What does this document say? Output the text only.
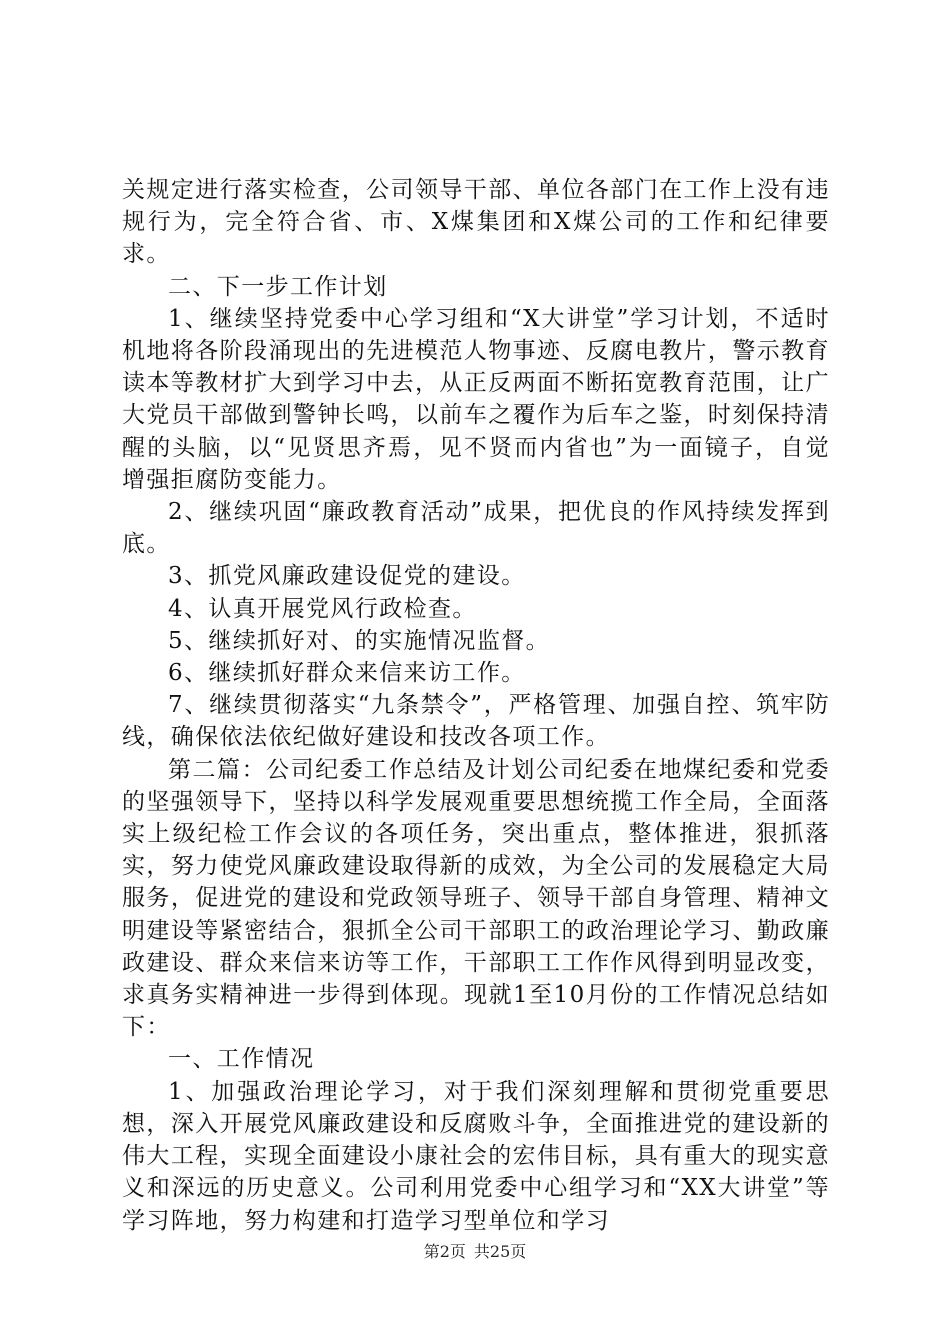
关规定进行落实检查，公司领导干部、单位各部门在工作上没有违规行为，完全符合省、市、X煤集团和X煤公司的工作和纪律要求。

二、下一步工作计划

1、继续坚持党委中心学习组和“X大讲堂”学习计划，不适时机地将各阶段涌现出的先进模范人物事迹、反腐电教片，警示教育读本等教材扩大到学习中去，从正反两面不断拓宽教育范围，让广大党员干部做到警钟长鸣，以前车之覆作为后车之鉴，时刻保持清醒的头脑，以“见贤思齐焉，见不贤而内省也”为一面镜子，自觉增强拒腐防变能力。

2、继续巩固“廉政教育活动”成果，把优良的作风持续发挥到底。

3、抓党风廉政建设促党的建设。

4、认真开展党风行政检查。

5、继续抓好对、的实施情况监督。

6、继续抓好群众来信来访工作。

7、继续贯彻落实“九条禁令”，严格管理、加强自控、筑牢防线，确保依法依纪做好建设和技改各项工作。

第二篇：公司纪委工作总结及计划公司纪委在地煤纪委和党委的坚强领导下，坚持以科学发展观重要思想统揽工作全局，全面落实上级纪检工作会议的各项任务，突出重点，整体推进，狠抓落实，努力使党风廉政建设取得新的成效，为全公司的发展稳定大局服务，促进党的建设和党政领导班子、领导干部自身管理、精神文明建设等紧密结合，狠抓全公司干部职工的政治理论学习、勤政廉政建设、群众来信来访等工作，干部职工工作作风得到明显改变，求真务实精神进一步得到体现。现就1至10月份的工作情况总结如下：

一、工作情况

1、加强政治理论学习，对于我们深刻理解和贯彻党重要思想，深入开展党风廉政建设和反腐败斗争，全面推进党的建设新的伟大工程，实现全面建设小康社会的宏伟目标，具有重大的现实意义和深远的历史意义。公司利用党委中心组学习和“XX大讲堂”等学习阵地，努力构建和打造学习型单位和学习

第2页 共25页
